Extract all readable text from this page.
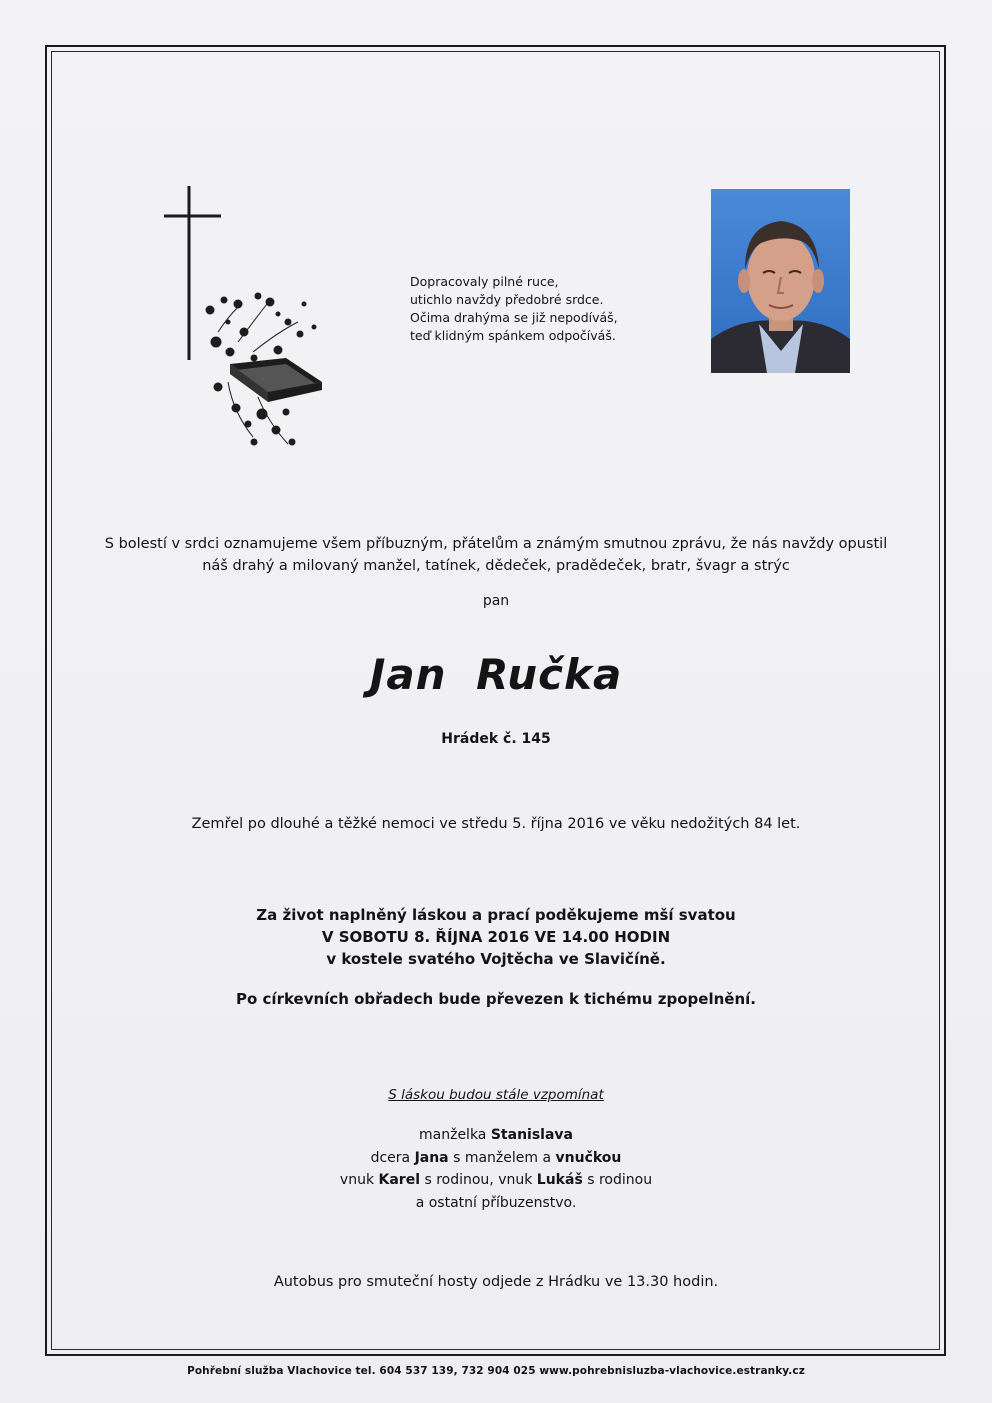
Dopracovaly pilné ruce,
utichlo navždy předobré srdce.
Očima drahýma se již nepodíváš,
teď klidným spánkem odpočíváš.
S bolestí v srdci oznamujeme všem příbuzným, přátelům a známým smutnou zprávu, že nás navždy opustil
náš drahý a milovaný manžel, tatínek, dědeček, pradědeček, bratr, švagr a strýc
pan
Jan Ručka
Hrádek č. 145
Zemřel po dlouhé a těžké nemoci ve středu 5. října 2016 ve věku nedožitých 84 let.
Za život naplněný láskou a prací poděkujeme mší svatou
V SOBOTU 8. ŘÍJNA 2016 VE 14.00 HODIN
v kostele svatého Vojtěcha ve Slavičíně.
Po církevních obřadech bude převezen k tichému zpopelnění.
S láskou budou stále vzpomínat
manželka Stanislava
dcera Jana s manželem a vnučkou
vnuk Karel s rodinou, vnuk Lukáš s rodinou
a ostatní příbuzenstvo.
Autobus pro smuteční hosty odjede z Hrádku ve 13.30 hodin.
Pohřební služba Vlachovice tel. 604 537 139, 732 904 025 www.pohrebnisluzba-vlachovice.estranky.cz
